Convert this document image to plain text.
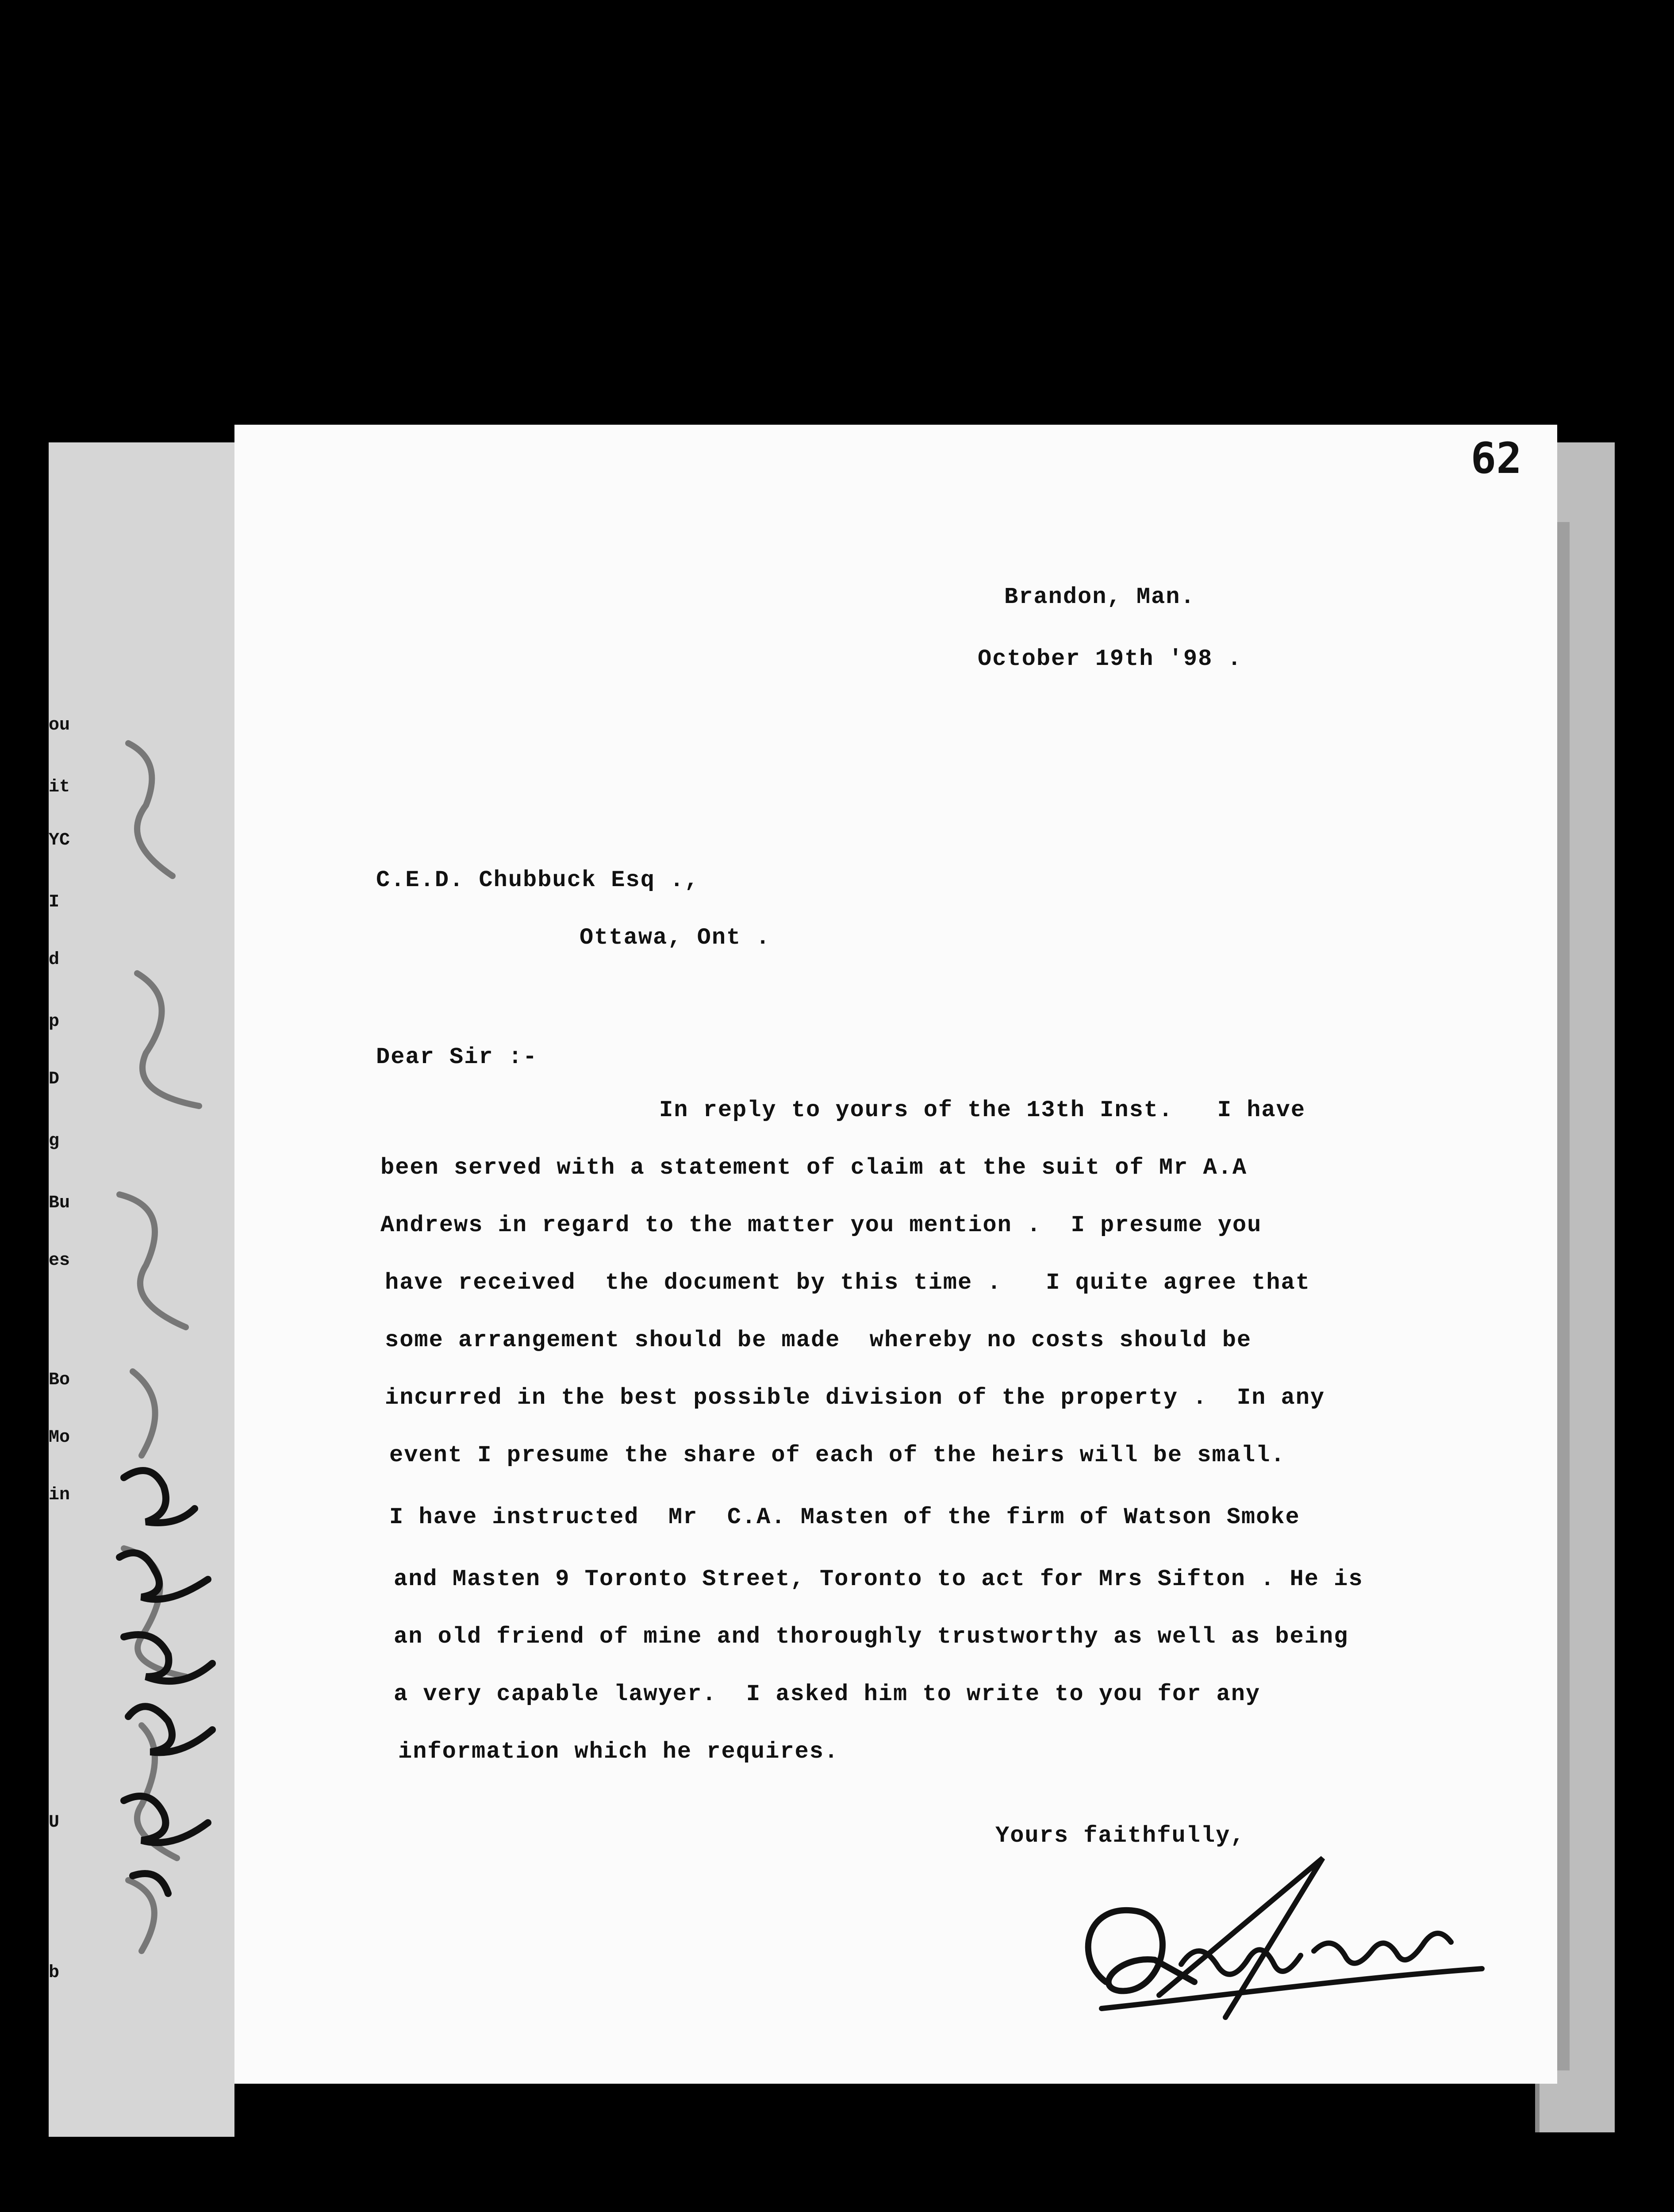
ou
it
YC
I
d
p
D
g
Bu
es
Bo
Mo
in
U
b
62
Brandon, Man.
October 19th '98 .
C.E.D. Chubbuck Esq .,
Ottawa, Ont .
Dear Sir :-
In reply to yours of the 13th Inst.   I have
been served with a statement of claim at the suit of Mr A.A
Andrews in regard to the matter you mention .  I presume you
have received  the document by this time .   I quite agree that
some arrangement should be made  whereby no costs should be
incurred in the best possible division of the property .  In any
event I presume the share of each of the heirs will be small.
I have instructed  Mr  C.A. Masten of the firm of Watson Smoke
and Masten 9 Toronto Street, Toronto to act for Mrs Sifton . He is
an old friend of mine and thoroughly trustworthy as well as being
a very capable lawyer.  I asked him to write to you for any
information which he requires.
Yours faithfully,
